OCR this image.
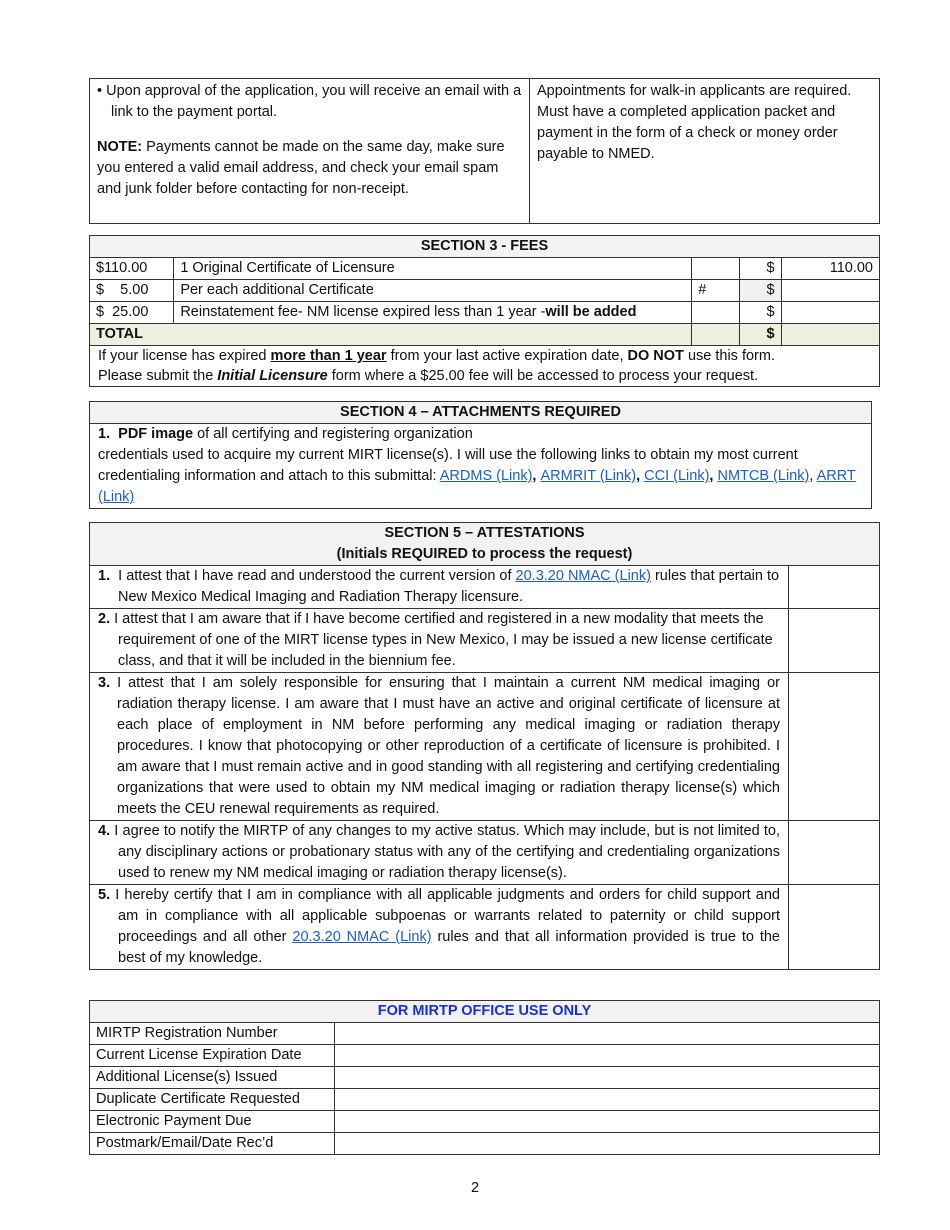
• Upon approval of the application, you will receive an email with a link to the payment portal.
NOTE: Payments cannot be made on the same day, make sure you entered a valid email address, and check your email spam and junk folder before contacting for non-receipt.
	Appointments for walk-in applicants are required. Must have a completed application packet and payment in the form of a check or money order payable to NMED.
SECTION 3 - FEES				
$110.00	1 Original Certificate of Licensure		$	110.00
$    5.00	Per each additional Certificate	#	$	
$  25.00	Reinstatement fee- NM license expired less than 1 year -will be added		$	
TOTAL			$	
If your license has expired more than 1 year from your last active expiration date, DO NOT use this form.
Please submit the Initial Licensure form where a $25.00 fee will be accessed to process your request.				
SECTION 4 – ATTACHMENTS REQUIRED
1. PDF image of all certifying and registering organization
credentials used to acquire my current MIRT license(s). I will use the following links to obtain my most current credentialing information and attach to this submittal: ARDMS (Link), ARMRIT (Link), CCI (Link), NMTCB (Link), ARRT (Link)
SECTION 5 – ATTESTATIONS
(Initials REQUIRED to process the request)	

1.  I attest that I have read and understood the current version of 20.3.20 NMAC (Link) rules that pertain to New Mexico Medical Imaging and Radiation Therapy licensure.	

2. I attest that I am aware that if I have become certified and registered in a new modality that meets the requirement of one of the MIRT license types in New Mexico, I may be issued a new license certificate class, and that it will be included in the biennium fee.	

3. I attest that I am solely responsible for ensuring that I maintain a current NM medical imaging or radiation therapy license. I am aware that I must have an active and original certificate of licensure at each place of employment in NM before performing any medical imaging or radiation therapy procedures. I know that photocopying or other reproduction of a certificate of licensure is prohibited. I am aware that I must remain active and in good standing with all registering and certifying credentialing organizations that were used to obtain my NM medical imaging or radiation therapy license(s) which meets the CEU renewal requirements as required.	

4. I agree to notify the MIRTP of any changes to my active status. Which may include, but is not limited to, any disciplinary actions or probationary status with any of the certifying and credentialing organizations used to renew my NM medical imaging or radiation therapy license(s).	

5. I hereby certify that I am in compliance with all applicable judgments and orders for child support and am in compliance with all applicable subpoenas or warrants related to paternity or child support proceedings and all other 20.3.20 NMAC (Link) rules and that all information provided is true to the best of my knowledge.	

FOR MIRTP OFFICE USE ONLY	
MIRTP Registration Number	
Current License Expiration Date	
Additional License(s) Issued	
Duplicate Certificate Requested	
Electronic Payment Due	
Postmark/Email/Date Rec’d	
2
